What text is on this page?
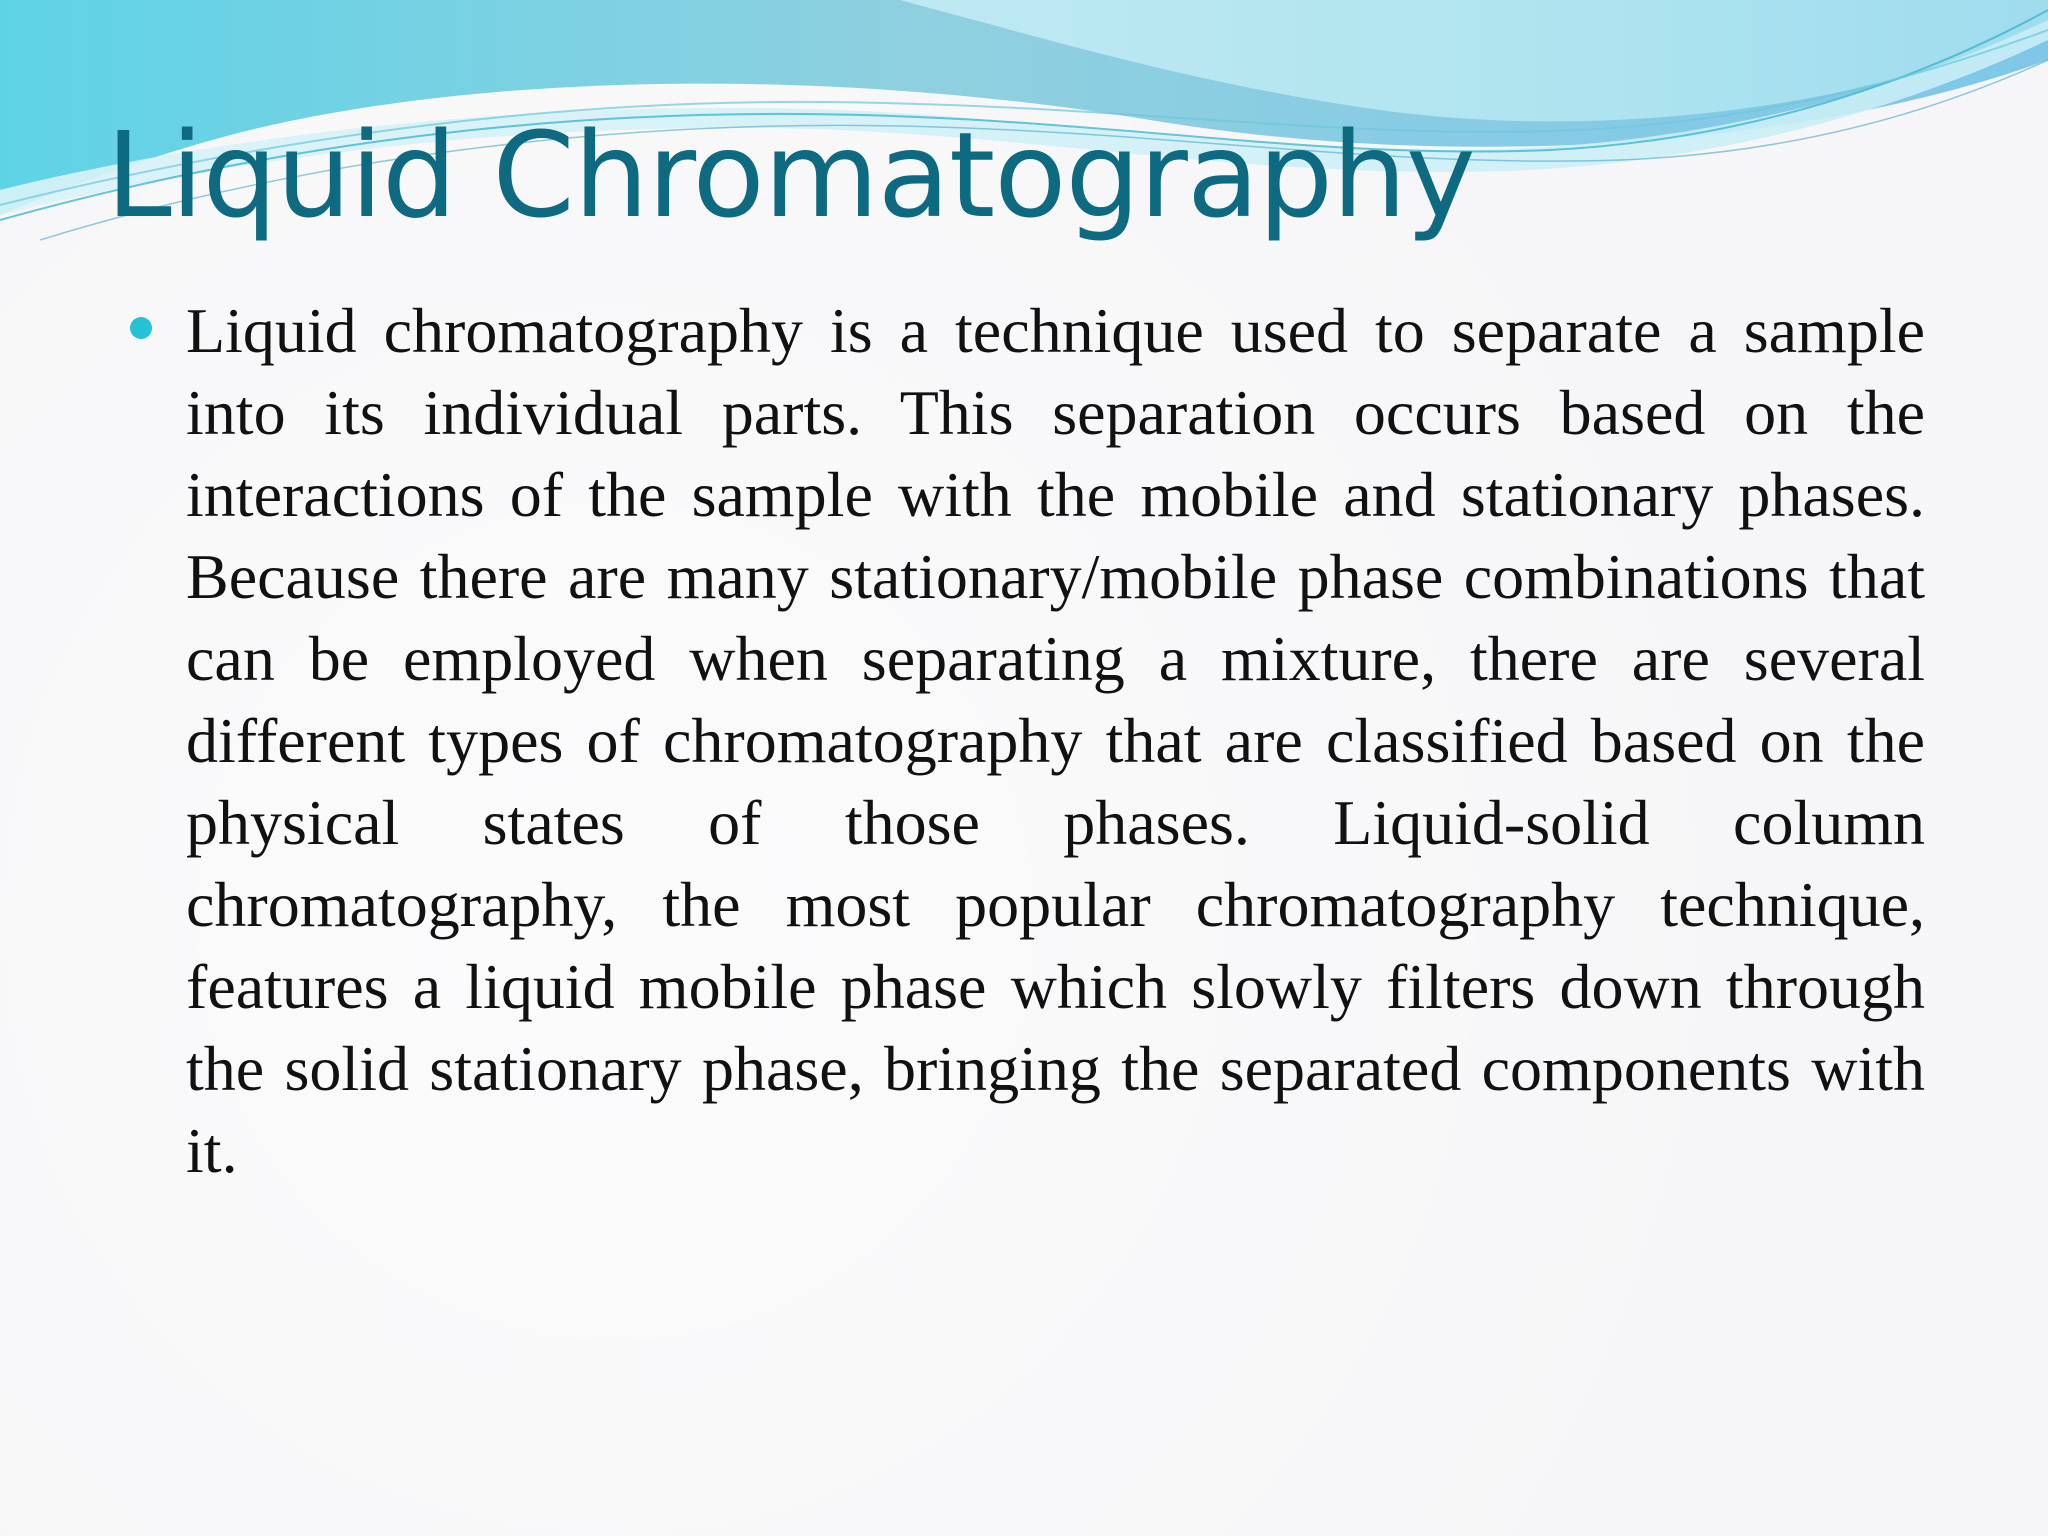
Liquid Chromatography

Liquid chromatography is a technique used to separate a sample into its individual parts. This separation occurs based on the interactions of the sample with the mobile and stationary phases. Because there are many stationary/mobile phase combinations that can be employed when separating a mixture, there are several different types of chromatography that are classified based on the physical states of those phases. Liquid-solid column chromatography, the most popular chromatography technique, features a liquid mobile phase which slowly filters down through the solid stationary phase, bringing the separated components with it.
